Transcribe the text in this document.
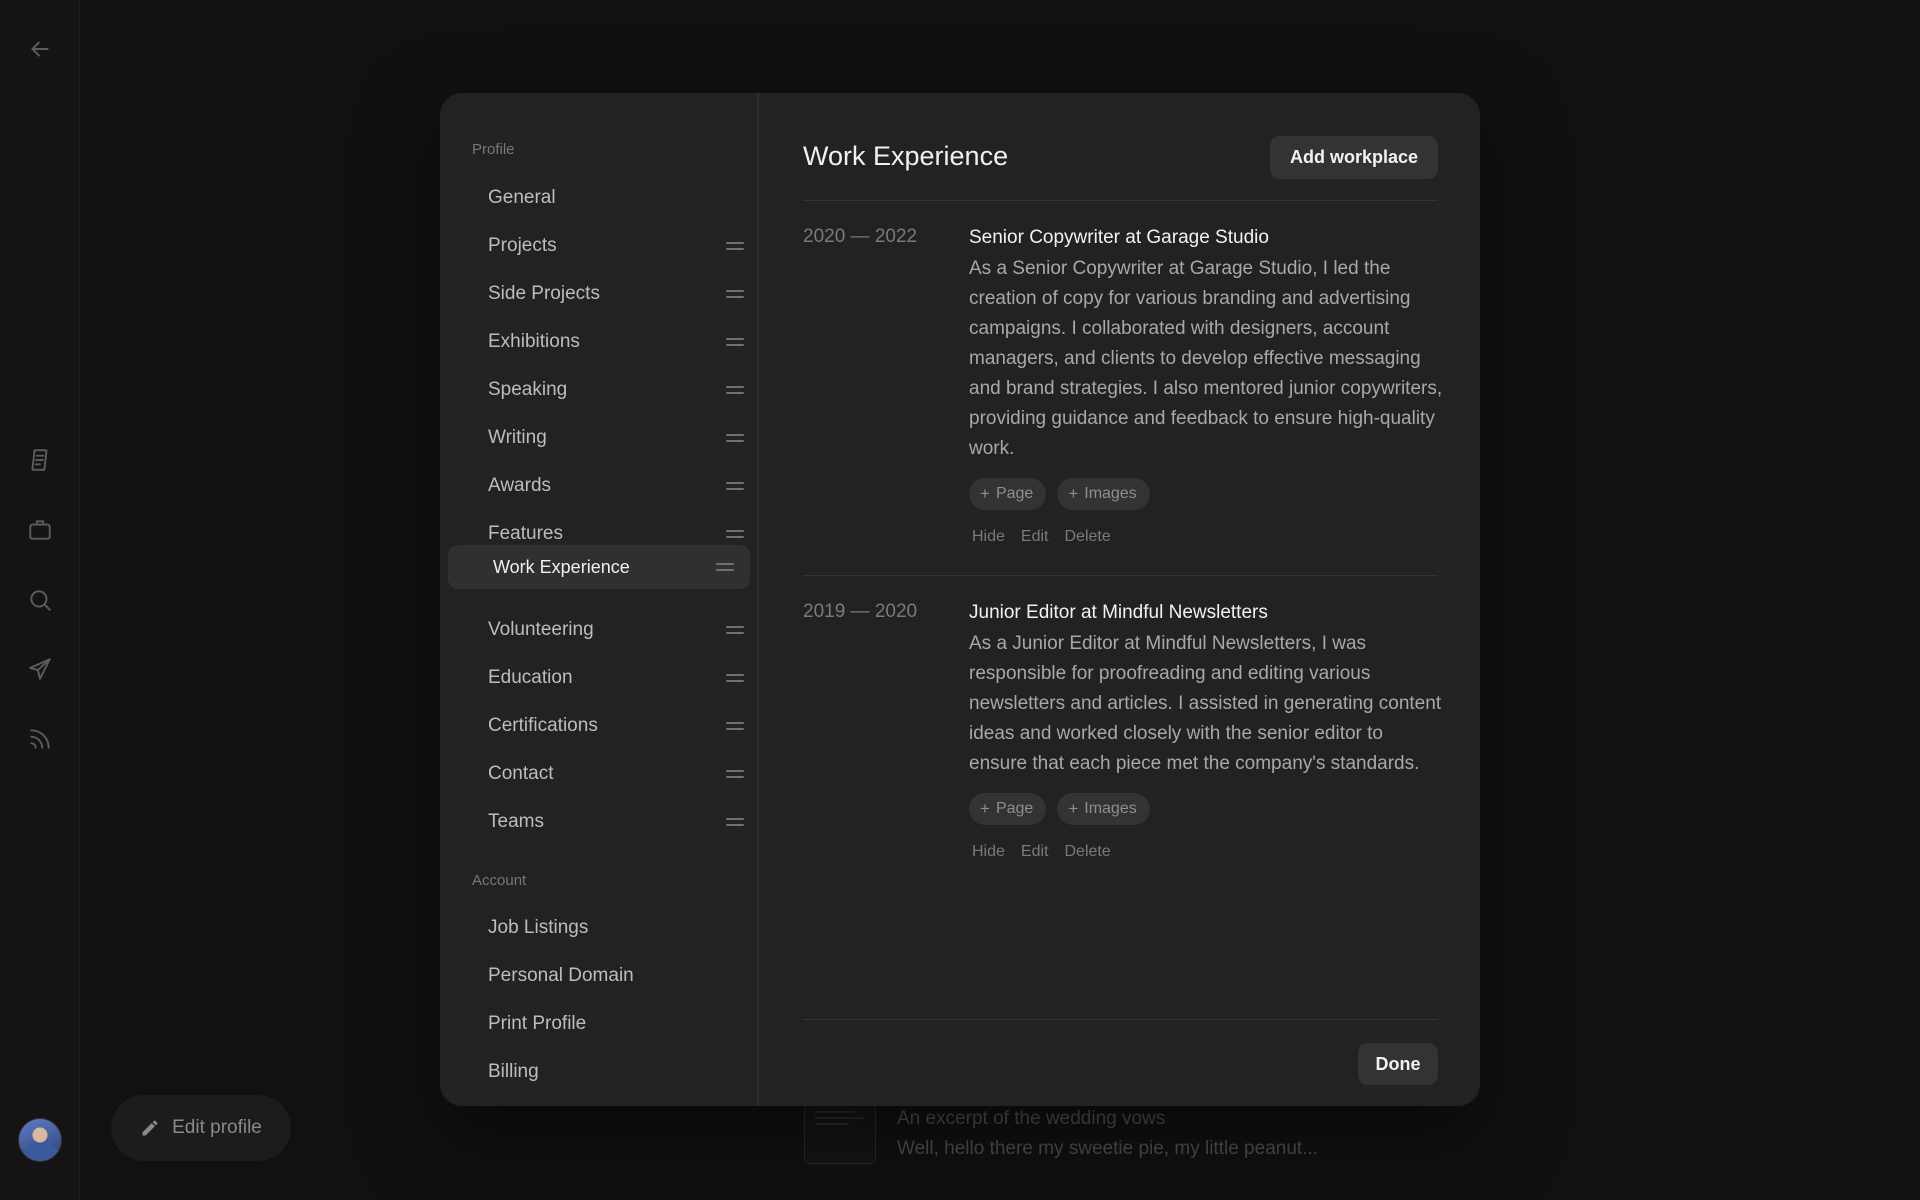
Edit profile	An excerpt of the wedding vows
Well, hello there my sweetie pie, my little peanut...
Profile
General
Projects
Side Projects
Exhibitions
Speaking
Writing
Awards
Features
Work Experience
Volunteering
Education
Certifications
Contact
Teams
Account
Job Listings
Personal Domain
Print Profile
Billing
Work Experience	Add workplace
2020 — 2022	Senior Copywriter at Garage Studio
As a Senior Copywriter at Garage Studio, I led the creation of copy for various branding and advertising campaigns. I collaborated with designers, account managers, and clients to develop effective messaging and brand strategies. I also mentored junior copywriters, providing guidance and feedback to ensure high-quality work.
+ Page + Images
Hide Edit Delete
2019 — 2020	Junior Editor at Mindful Newsletters
As a Junior Editor at Mindful Newsletters, I was responsible for proofreading and editing various newsletters and articles. I assisted in generating content ideas and worked closely with the senior editor to ensure that each piece met the company's standards.
+ Page + Images
Hide Edit Delete
Done
